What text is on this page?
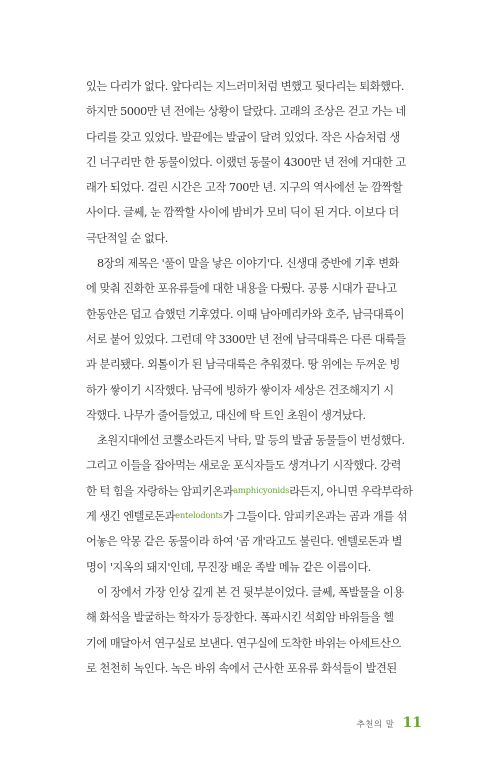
있는 다리가 없다. 앞다리는 지느러미처럼 변했고 뒷다리는 퇴화했다.
하지만 5000만 년 전에는 상황이 달랐다. 고래의 조상은 걷고 가는 네
다리를 갖고 있었다. 발끝에는 발굽이 달려 있었다. 작은 사슴처럼 생
긴 너구리만 한 동물이었다. 이랬던 동물이 4300만 년 전에 거대한 고
래가 되었다. 걸린 시간은 고작 700만 년. 지구의 역사에선 눈 깜짝할
사이다. 글쎄, 눈 깜짝할 사이에 밤비가 모비 딕이 된 거다. 이보다 더
극단적일 순 없다.
8장의 제목은 '풀이 말을 낳은 이야기'다. 신생대 중반에 기후 변화
에 맞춰 진화한 포유류들에 대한 내용을 다뤘다. 공룡 시대가 끝나고
한동안은 덥고 습했던 기후였다. 이때 남아메리카와 호주, 남극대륙이
서로 붙어 있었다. 그런데 약 3300만 년 전에 남극대륙은 다른 대륙들
과 분리됐다. 외톨이가 된 남극대륙은 추워졌다. 땅 위에는 두꺼운 빙
하가 쌓이기 시작했다. 남극에 빙하가 쌓이자 세상은 건조해지기 시
작했다. 나무가 줄어들었고, 대신에 탁 트인 초원이 생겨났다.
초원지대에선 코뿔소라든지 낙타, 말 등의 발굽 동물들이 번성했다.
그리고 이들을 잡아먹는 새로운 포식자들도 생겨나기 시작했다. 강력
한 턱 힘을 자랑하는 암피키온과amphicyonids라든지, 아니면 우락부락하
게 생긴 엔텔로돈과entelodonts가 그들이다. 암피키온과는 곰과 개를 섞
어놓은 악몽 같은 동물이라 하여 '곰 개'라고도 불린다. 엔텔로돈과 별
명이 '지옥의 돼지'인데, 무진장 배운 족발 메뉴 같은 이름이다.
이 장에서 가장 인상 깊게 본 건 뒷부분이었다. 글쎄, 폭발물을 이용
해 화석을 발굴하는 학자가 등장한다. 폭파시킨 석회암 바위들을 헬
기에 매달아서 연구실로 보낸다. 연구실에 도착한 바위는 아세트산으
로 천천히 녹인다. 녹은 바위 속에서 근사한 포유류 화석들이 발견된
추천의 말 11
